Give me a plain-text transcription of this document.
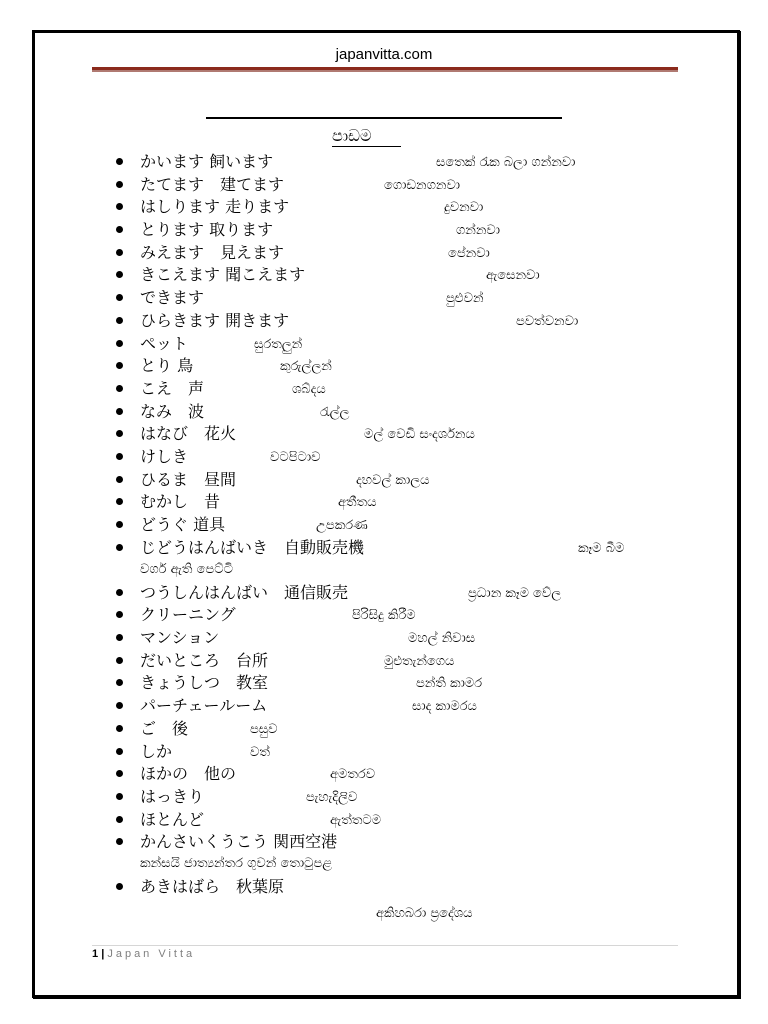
japanvitta.com
පාඩම
かいます 飼います	සතෙක් රැක බලා ගන්නවා
たてます　建てます	ගොඩනගනවා
はしります 走ります	දුවනවා
とります 取ります	ගන්නවා
みえます　見えます	පේනවා
きこえます 聞こえます	ඇසෙනවා
できます	පුළුවන්
ひらきます 開きます	පවත්වනවා
ペット	සුරතලුන්
とり 鳥	කුරුල්ලන්
こえ　声	ශබ්දය
なみ　波	රැල්ල
はなび　花火	මල් වෙඩි සංදර්ශනය
けしき	වටපිටාව
ひるま　昼間	දහවල් කාලය
むかし　昔	අතීතය
どうぐ 道具	උපකරණ
じどうはんばいき　自動販売機	කෑම බීම
වර්ග ඇති පෙට්ටි
つうしんはんばい　通信販売	ප්‍රධාන කෑම වේල
クリーニング	පිරිසිදු කිරීම
マンション	මහල් නිවාස
だいところ　台所	මුළුතැන්ගෙය
きょうしつ　教室	පන්ති කාමර
パーチェールーム	සාද කාමරය
ご　後	පසුව
しか	වත්
ほかの　他の	අමතරව
はっきり	පැහැදිලිව
ほとんど	ඇත්තටම
かんさいくうこう 関西空港
කන්සයි ජාත්‍යන්තර ගුවන් තොටුපළ
あきはばら　秋葉原
අකිහබරා ප්‍රදේශය
1 | Japan Vitta
